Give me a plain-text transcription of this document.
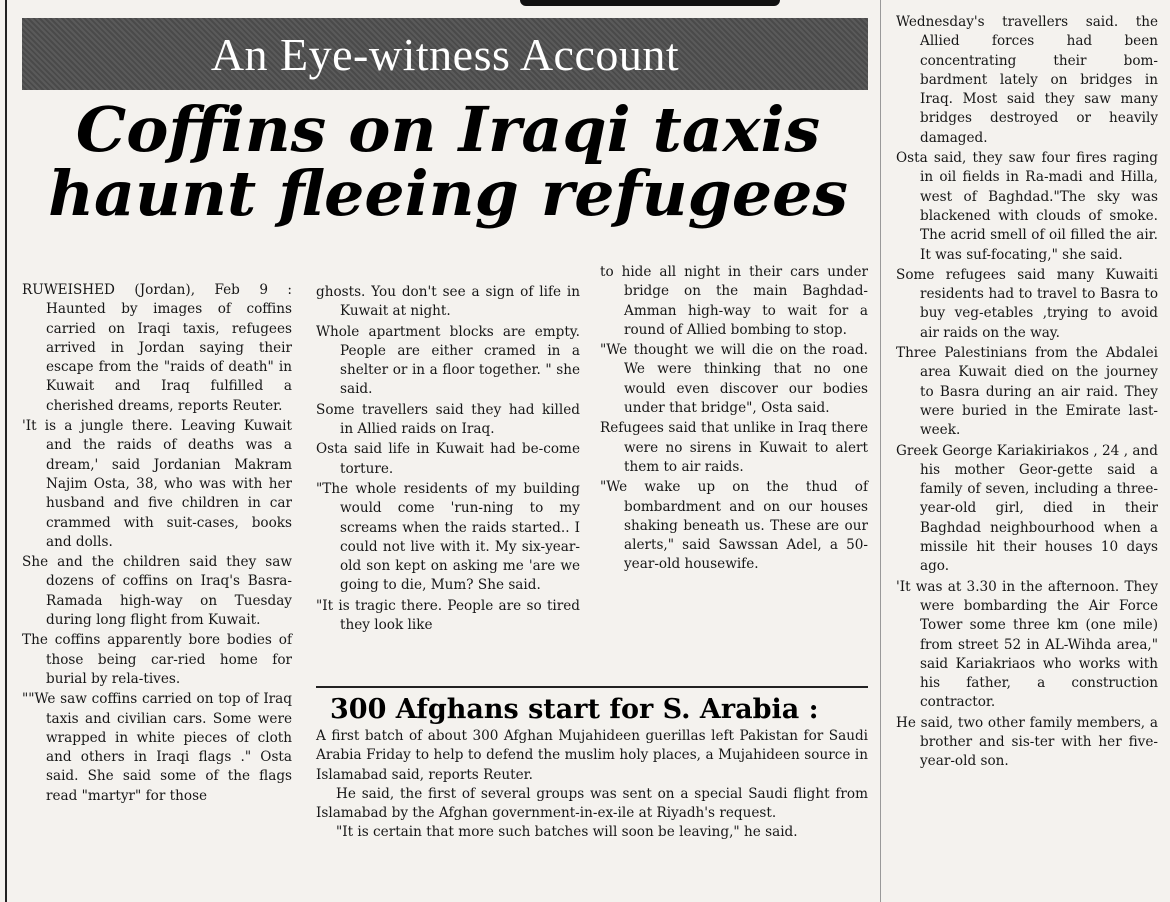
An Eye-witness Account
Coffins on Iraqi taxis
haunt fleeing refugees

RUWEISHED (Jordan), Feb 9 : Haunted by images of coffins carried on Iraqi taxis, refugees arrived in Jordan saying their escape from the "raids of death" in Kuwait and Iraq fulfilled a cherished dreams, reports Reuter.

'It is a jungle there. Leaving Kuwait and the raids of deaths was a dream,' said Jordanian Makram Najim Osta, 38, who was with her husband and five children in car crammed with suit-cases, books and dolls.

She and the children said they saw dozens of coffins on Iraq's Basra-Ramada high-way on Tuesday during long flight from Kuwait.

The coffins apparently bore bodies of those being car-ried home for burial by rela-tives.

""We saw coffins carried on top of Iraq taxis and civilian cars. Some were wrapped in white pieces of cloth and others in Iraqi flags ." Osta said. She said some of the flags read "martyr" for those

ghosts. You don't see a sign of life in Kuwait at night.

Whole apartment blocks are empty. People are either cramed in a shelter or in a floor together. " she said.

Some travellers said they had killed in Allied raids on Iraq.

Osta said life in Kuwait had be-come torture.

"The whole residents of my building would come 'run-ning to my screams when the raids started.. I could not live with it. My six-year-old son kept on asking me 'are we going to die, Mum? She said.

"It is tragic there. People are so tired they look like

to hide all night in their cars under bridge on the main Baghdad-Amman high-way to wait for a round of Allied bombing to stop.

"We thought we will die on the road. We were thinking that no one would even discover our bodies under that bridge", Osta said.

Refugees said that unlike in Iraq there were no sirens in Kuwait to alert them to air raids.

"We wake up on the thud of bombardment and on our houses shaking beneath us. These are our alerts," said Sawssan Adel, a 50-year-old housewife.

Wednesday's travellers said. the Allied forces had been concentrating their bom-bardment lately on bridges in Iraq. Most said they saw many bridges destroyed or heavily damaged.

Osta said, they saw four fires raging in oil fields in Ra-madi and Hilla, west of Baghdad."The sky was blackened with clouds of smoke. The acrid smell of oil filled the air. It was suf-focating," she said.

Some refugees said many Kuwaiti residents had to travel to Basra to buy veg-etables ,trying to avoid air raids on the way.

Three Palestinians from the Abdalei area Kuwait died on the journey to Basra during an air raid. They were buried in the Emirate last-week.

Greek George Kariakiriakos , 24 , and his mother Geor-gette said a family of seven, including a three-year-old girl, died in their Baghdad neighbourhood when a missile hit their houses 10 days ago.

'It was at 3.30 in the afternoon. They were bombarding the Air Force Tower some three km (one mile) from street 52 in AL-Wihda area," said Kariakriaos who works with his father, a construction contractor.

He said, two other family members, a brother and sis-ter with her five-year-old son.

300 Afghans start for S. Arabia :

A first batch of about 300 Afghan Mujahideen guerillas left Pakistan for Saudi Arabia Friday to help to defend the muslim holy places, a Mujahideen source in Islamabad said, reports Reuter.

He said, the first of several groups was sent on a special Saudi flight from Islamabad by the Afghan government-in-ex-ile at Riyadh's request.

"It is certain that more such batches will soon be leaving," he said.
